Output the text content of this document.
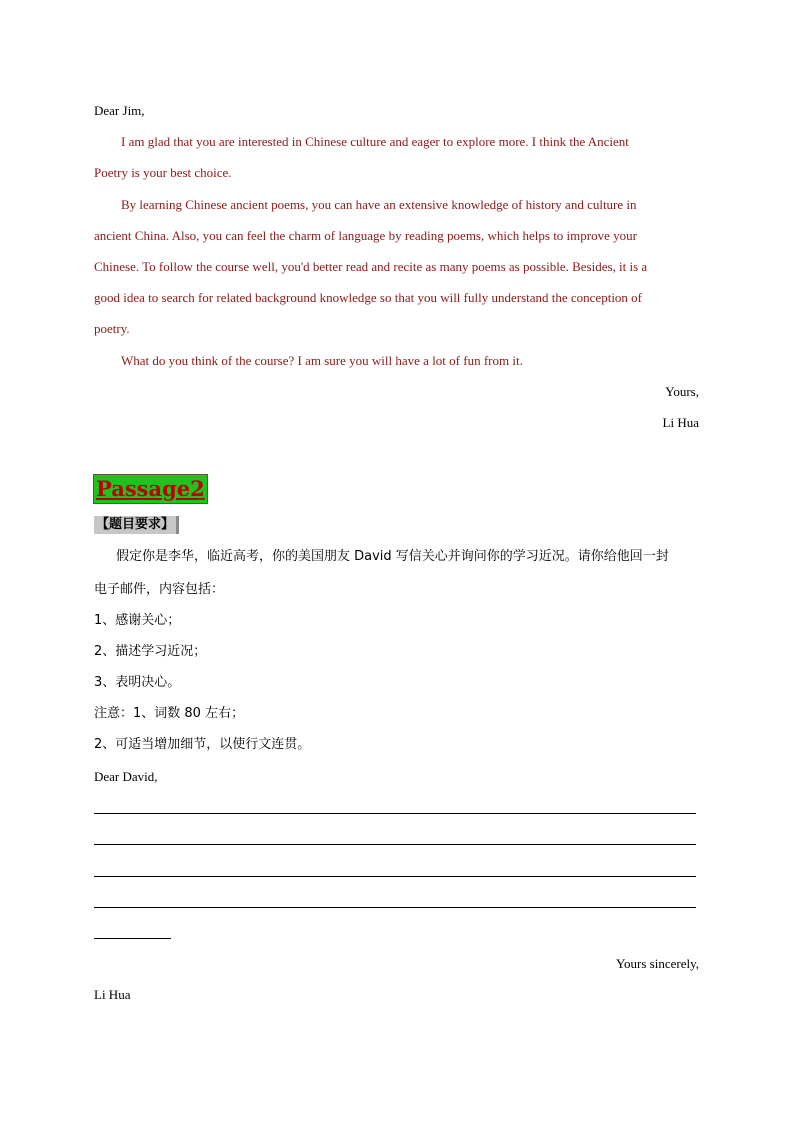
Dear Jim,
I am glad that you are interested in Chinese culture and eager to explore more. I think the Ancient
Poetry is your best choice.
By learning Chinese ancient poems, you can have an extensive knowledge of history and culture in
ancient China. Also, you can feel the charm of language by reading poems, which helps to improve your
Chinese. To follow the course well, you'd better read and recite as many poems as possible. Besides, it is a
good idea to search for related background knowledge so that you will fully understand the conception of
poetry.
What do you think of the course? I am sure you will have a lot of fun from it.
Yours,
Li Hua
Passage2
【题目要求】
假定你是李华，临近高考，你的美国朋友 David 写信关心并询问你的学习近况。请你给他回一封
电子邮件，内容包括：
1、感谢关心；
2、描述学习近况；
3、表明决心。
注意：1、词数 80 左右；
2、可适当增加细节，以使行文连贯。
Dear David,
Yours sincerely,
Li Hua
